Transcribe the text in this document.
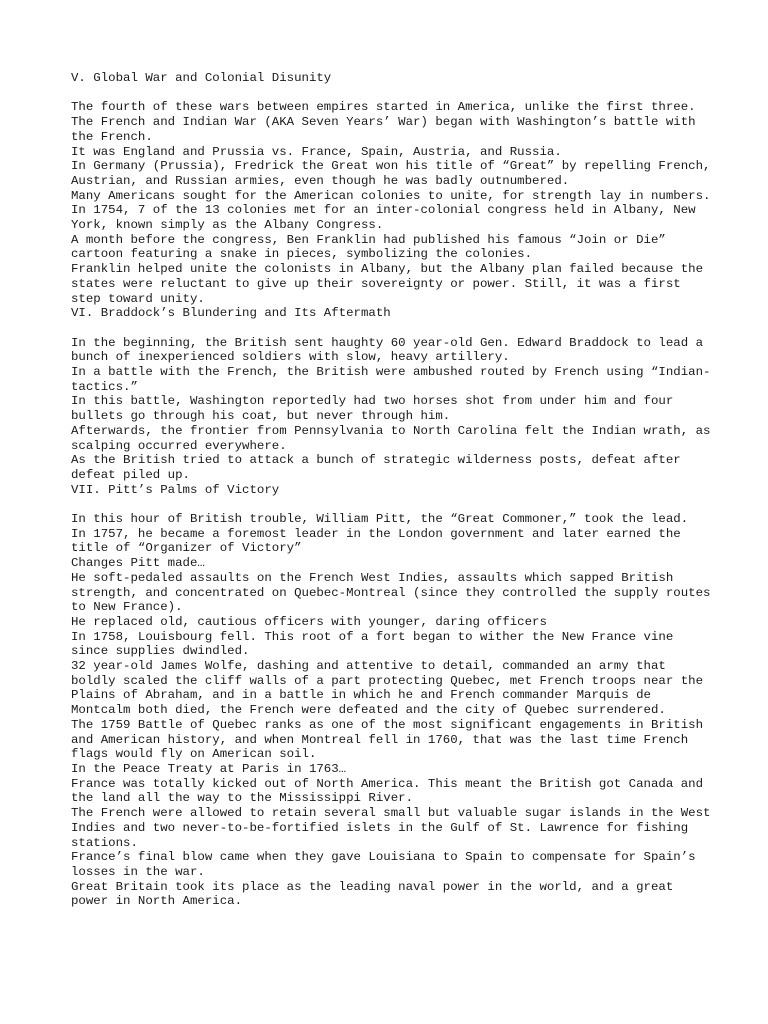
V. Global War and Colonial Disunity
The fourth of these wars between empires started in America, unlike the first three.
The French and Indian War (AKA Seven Years’ War) began with Washington’s battle with the French.
It was England and Prussia vs. France, Spain, Austria, and Russia.
In Germany (Prussia), Fredrick the Great won his title of “Great” by repelling French, Austrian, and Russian armies, even though he was badly outnumbered.
Many Americans sought for the American colonies to unite, for strength lay in numbers.
In 1754, 7 of the 13 colonies met for an inter-colonial congress held in Albany, New York, known simply as the Albany Congress.
A month before the congress, Ben Franklin had published his famous “Join or Die” cartoon featuring a snake in pieces, symbolizing the colonies.
Franklin helped unite the colonists in Albany, but the Albany plan failed because the states were reluctant to give up their sovereignty or power. Still, it was a first step toward unity.
VI. Braddock’s Blundering and Its Aftermath
In the beginning, the British sent haughty 60 year-old Gen. Edward Braddock to lead a bunch of inexperienced soldiers with slow, heavy artillery.
In a battle with the French, the British were ambushed routed by French using “Indian-tactics.”
In this battle, Washington reportedly had two horses shot from under him and four bullets go through his coat, but never through him.
Afterwards, the frontier from Pennsylvania to North Carolina felt the Indian wrath, as scalping occurred everywhere.
As the British tried to attack a bunch of strategic wilderness posts, defeat after defeat piled up.
VII. Pitt’s Palms of Victory
In this hour of British trouble, William Pitt, the “Great Commoner,” took the lead.
In 1757, he became a foremost leader in the London government and later earned the title of “Organizer of Victory”
Changes Pitt made…
He soft-pedaled assaults on the French West Indies, assaults which sapped British strength, and concentrated on Quebec-Montreal (since they controlled the supply routes to New France).
He replaced old, cautious officers with younger, daring officers
In 1758, Louisbourg fell. This root of a fort began to wither the New France vine since supplies dwindled.
32 year-old James Wolfe, dashing and attentive to detail, commanded an army that boldly scaled the cliff walls of a part protecting Quebec, met French troops near the Plains of Abraham, and in a battle in which he and French commander Marquis de Montcalm both died, the French were defeated and the city of Quebec surrendered.
The 1759 Battle of Quebec ranks as one of the most significant engagements in British and American history, and when Montreal fell in 1760, that was the last time French flags would fly on American soil.
In the Peace Treaty at Paris in 1763…
France was totally kicked out of North America. This meant the British got Canada and the land all the way to the Mississippi River.
The French were allowed to retain several small but valuable sugar islands in the West Indies and two never-to-be-fortified islets in the Gulf of St. Lawrence for fishing stations.
France’s final blow came when they gave Louisiana to Spain to compensate for Spain’s losses in the war.
Great Britain took its place as the leading naval power in the world, and a great power in North America.
